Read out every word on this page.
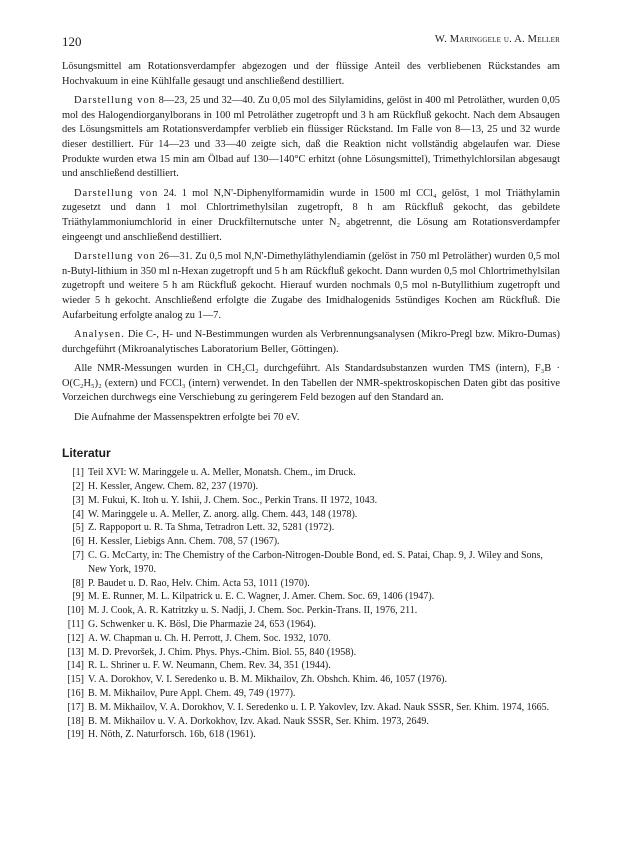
120	W. Maringgele u. A. Meller

Lösungsmittel am Rotationsverdampfer abgezogen und der flüssige Anteil des verbliebenen Rückstandes am Hochvakuum in eine Kühlfalle gesaugt und anschließend destilliert.

Darstellung von 8—23, 25 und 32—40. Zu 0,05 mol des Silylamidins, gelöst in 400 ml Petroläther, wurden 0,05 mol des Halogendiorganylborans in 100 ml Petroläther zugetropft und 3 h am Rückfluß gekocht. Nach dem Absaugen des Lösungsmittels am Rotationsverdampfer verblieb ein flüssiger Rückstand. Im Falle von 8—13, 25 und 32 wurde dieser destilliert. Für 14—23 und 33—40 zeigte sich, daß die Reaktion nicht vollständig abgelaufen war. Diese Produkte wurden etwa 15 min am Ölbad auf 130—140°C erhitzt (ohne Lösungsmittel), Trimethylchlorsilan abgesaugt und anschließend destilliert.

Darstellung von 24. 1 mol N,N'-Diphenylformamidin wurde in 1500 ml CCl₄ gelöst, 1 mol Triäthylamin zugesetzt und dann 1 mol Chlortrimethylsilan zugetropft, 8 h am Rückfluß gekocht, das gebildete Triäthylammoniumchlorid in einer Druckfilternutsche unter N₂ abgetrennt, die Lösung am Rotationsverdampfer eingeengt und anschließend destilliert.

Darstellung von 26—31. Zu 0,5 mol N,N'-Dimethyläthylendiamin (gelöst in 750 ml Petroläther) wurden 0,5 mol n-Butyl-lithium in 350 ml n-Hexan zugetropft und 5 h am Rückfluß gekocht. Dann wurden 0,5 mol Chlortrimethylsilan zugetropft und weitere 5 h am Rückfluß gekocht. Hierauf wurden nochmals 0,5 mol n-Butyllithium zugetropft und wieder 5 h gekocht. Anschließend erfolgte die Zugabe des Imidhalogenids 5stündiges Kochen am Rückfluß. Die Aufarbeitung erfolgte analog zu 1—7.

Analysen. Die C-, H- und N-Bestimmungen wurden als Verbrennungsanalysen (Mikro-Pregl bzw. Mikro-Dumas) durchgeführt (Mikroanalytisches Laboratorium Beller, Göttingen).

Alle NMR-Messungen wurden in CH₂Cl₂ durchgeführt. Als Standardsubstanzen wurden TMS (intern), F₃B · O(C₂H₅)₂ (extern) und FCCl₃ (intern) verwendet. In den Tabellen der NMR-spektroskopischen Daten gibt das positive Vorzeichen durchwegs eine Verschiebung zu geringerem Feld bezogen auf den Standard an.

Die Aufnahme der Massenspektren erfolgte bei 70 eV.

Literatur
[1] Teil XVI: W. Maringgele u. A. Meller, Monatsh. Chem., im Druck.
[2] H. Kessler, Angew. Chem. 82, 237 (1970).
[3] M. Fukui, K. Itoh u. Y. Ishii, J. Chem. Soc., Perkin Trans. II 1972, 1043.
[4] W. Maringgele u. A. Meller, Z. anorg. allg. Chem. 443, 148 (1978).
[5] Z. Rappoport u. R. Ta Shma, Tetradron Lett. 32, 5281 (1972).
[6] H. Kessler, Liebigs Ann. Chem. 708, 57 (1967).
[7] C. G. McCarty, in: The Chemistry of the Carbon-Nitrogen-Double Bond, ed. S. Patai, Chap. 9, J. Wiley and Sons, New York, 1970.
[8] P. Baudet u. D. Rao, Helv. Chim. Acta 53, 1011 (1970).
[9] M. E. Runner, M. L. Kilpatrick u. E. C. Wagner, J. Amer. Chem. Soc. 69, 1406 (1947).
[10] M. J. Cook, A. R. Katritzky u. S. Nadji, J. Chem. Soc. Perkin-Trans. II, 1976, 211.
[11] G. Schwenker u. K. Bösl, Die Pharmazie 24, 653 (1964).
[12] A. W. Chapman u. Ch. H. Perrott, J. Chem. Soc. 1932, 1070.
[13] M. D. Prevoršek, J. Chim. Phys. Phys.-Chim. Biol. 55, 840 (1958).
[14] R. L. Shriner u. F. W. Neumann, Chem. Rev. 34, 351 (1944).
[15] V. A. Dorokhov, V. I. Seredenko u. B. M. Mikhailov, Zh. Obshch. Khim. 46, 1057 (1976).
[16] B. M. Mikhailov, Pure Appl. Chem. 49, 749 (1977).
[17] B. M. Mikhailov, V. A. Dorokhov, V. I. Seredenko u. I. P. Yakovlev, Izv. Akad. Nauk SSSR, Ser. Khim. 1974, 1665.
[18] B. M. Mikhailov u. V. A. Dorkokhov, Izv. Akad. Nauk SSSR, Ser. Khim. 1973, 2649.
[19] H. Nöth, Z. Naturforsch. 16b, 618 (1961).
